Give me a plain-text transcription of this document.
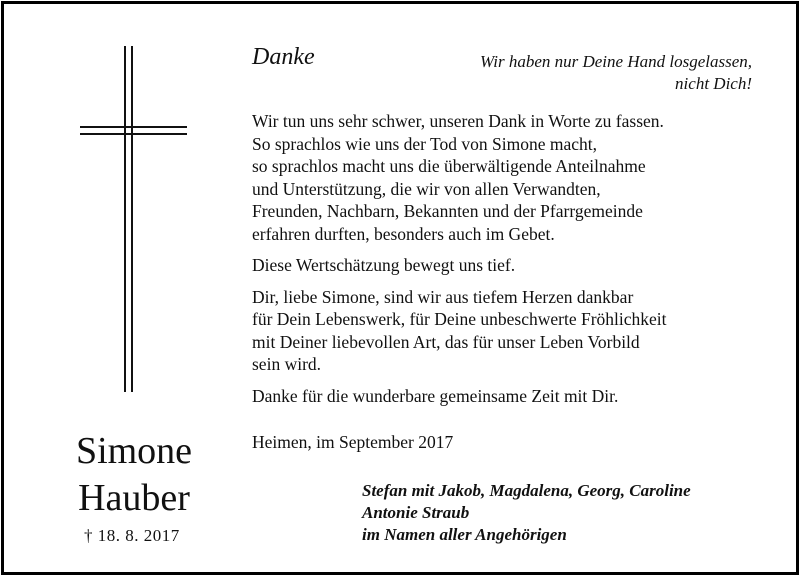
Simone
Hauber
† 18. 8. 2017
Danke	Wir haben nur Deine Hand losgelassen,
nicht Dich!

Wir tun uns sehr schwer, unseren Dank in Worte zu fassen.
So sprachlos wie uns der Tod von Simone macht,
so sprachlos macht uns die überwältigende Anteilnahme
und Unterstützung, die wir von allen Verwandten,
Freunden, Nachbarn, Bekannten und der Pfarrgemeinde
erfahren durften, besonders auch im Gebet.

Diese Wertschätzung bewegt uns tief.

Dir, liebe Simone, sind wir aus tiefem Herzen dankbar
für Dein Lebenswerk, für Deine unbeschwerte Fröhlichkeit
mit Deiner liebevollen Art, das für unser Leben Vorbild
sein wird.

Danke für die wunderbare gemeinsame Zeit mit Dir.

Heimen, im September 2017
Stefan mit Jakob, Magdalena, Georg, Caroline
Antonie Straub
im Namen aller Angehörigen
